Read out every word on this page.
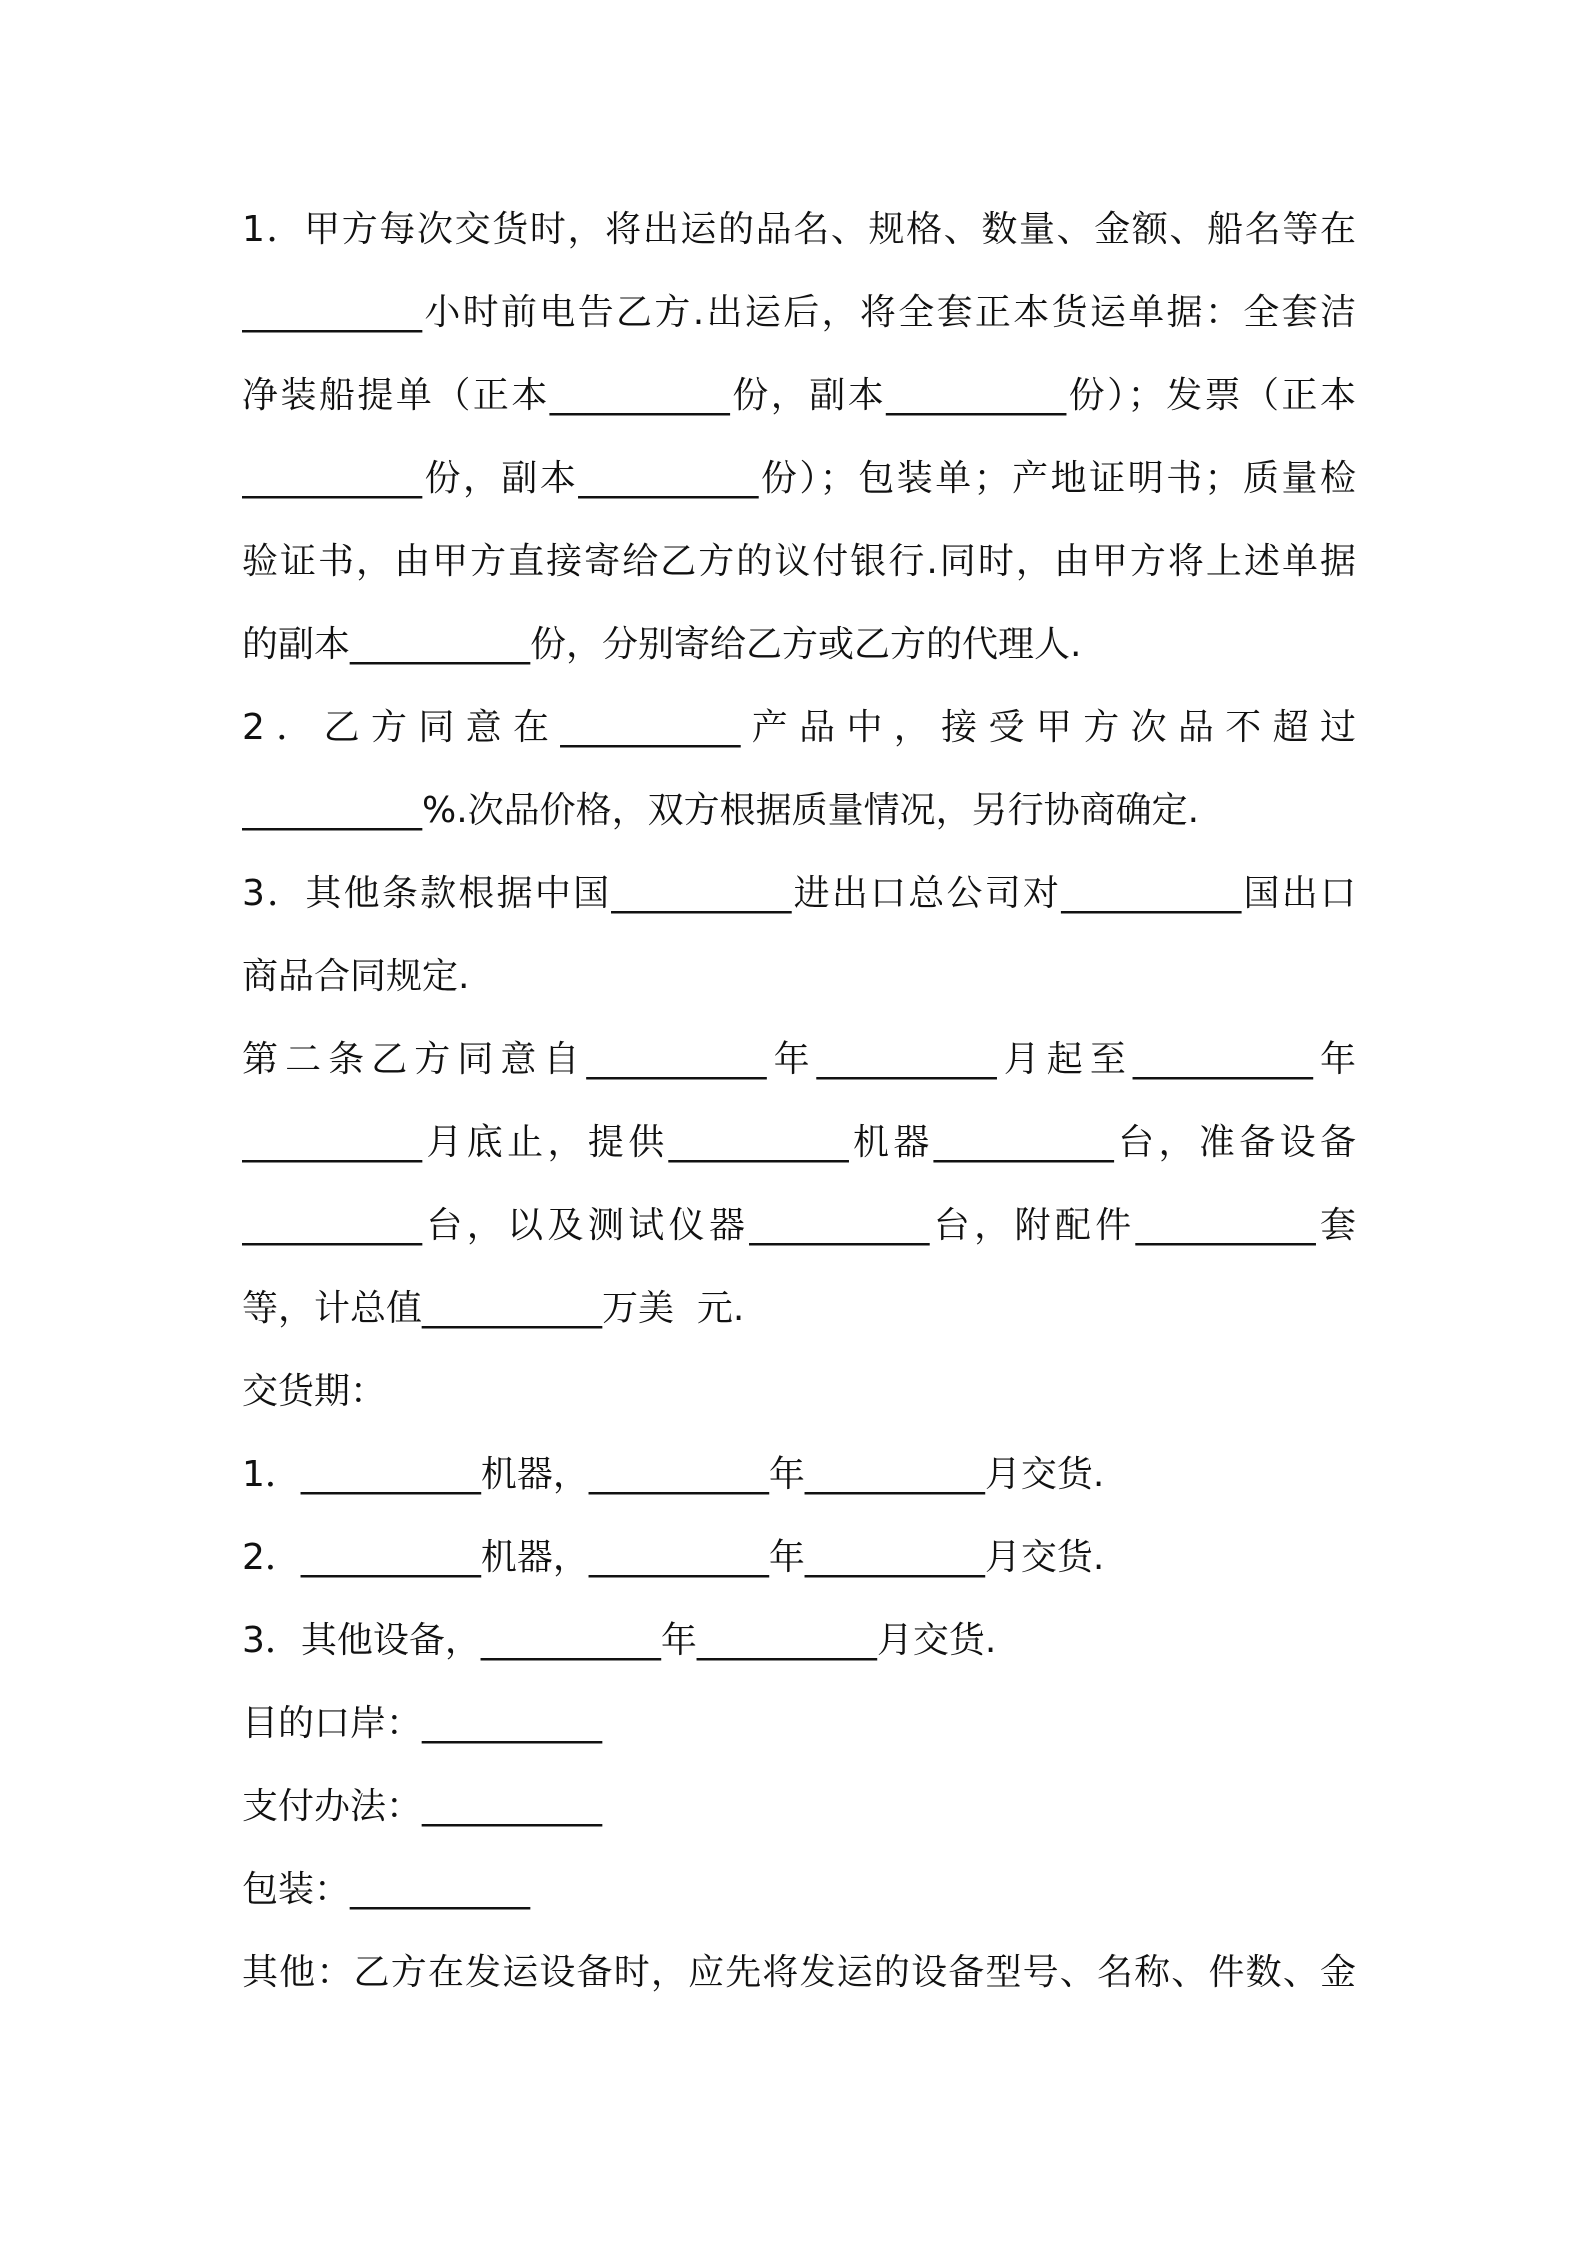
1．甲方每次交货时，将出运的品名、规格、数量、金额、船名等在
__________小时前电告乙方.出运后，将全套正本货运单据：全套洁
净装船提单（正本__________份，副本__________份）；发票（正本
__________份，副本__________份）；包装单；产地证明书；质量检
验证书，由甲方直接寄给乙方的议付银行.同时，由甲方将上述单据
的副本__________份，分别寄给乙方或乙方的代理人.
2．乙方同意在__________产品中，接受甲方次品不超过
__________%.次品价格，双方根据质量情况，另行协商确定.
3．其他条款根据中国__________进出口总公司对__________国出口
商品合同规定.
第二条乙方同意自__________年__________月起至__________年
__________月底止，提供__________机器__________台，准备设备
__________台，以及测试仪器__________台，附配件__________套
等，计总值__________万美  元.
交货期：
1．__________机器，__________年__________月交货.
2．__________机器，__________年__________月交货.
3．其他设备，__________年__________月交货.
目的口岸：__________
支付办法：__________
包装：__________
其他：乙方在发运设备时，应先将发运的设备型号、名称、件数、金
